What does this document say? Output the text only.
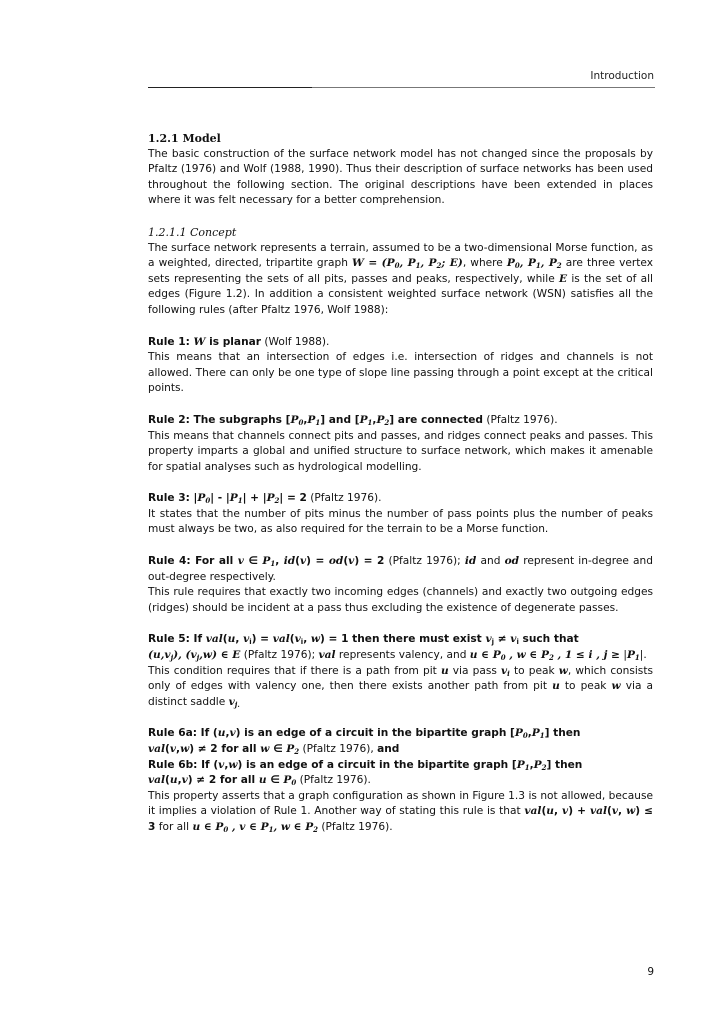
Introduction

1.2.1 Model

The basic construction of the surface network model has not changed since the proposals by Pfaltz (1976) and Wolf (1988, 1990). Thus their description of surface networks has been used throughout the following section. The original descriptions have been extended in places where it was felt necessary for a better comprehension.

1.2.1.1 Concept

The surface network represents a terrain, assumed to be a two-dimensional Morse function, as a weighted, directed, tripartite graph $W = (P_0$, $P_1$, $P_2$; E), where $P_0$, $P_1$, $P_2$ are three vertex sets representing the sets of all pits, passes and peaks, respectively, while E is the set of all edges (Figure 1.2). In addition a consistent weighted surface network (WSN) satisfies all the following rules (after Pfaltz 1976, Wolf 1988):

Rule 1: W is planar (Wolf 1988).

This means that an intersection of edges i.e. intersection of ridges and channels is not allowed. There can only be one type of slope line passing through a point except at the critical points.

Rule 2: The subgraphs $[P_0,P_1]$ and $[P_1,P_2]$ are connected (Pfaltz 1976).

This means that channels connect pits and passes, and ridges connect peaks and passes. This property imparts a global and unified structure to surface network, which makes it amenable for spatial analyses such as hydrological modelling.

Rule 3: $|P_0| - |P_1| + |P_2| = 2$ (Pfaltz 1976).

It states that the number of pits minus the number of pass points plus the number of peaks must always be two, as also required for the terrain to be a Morse function.

Rule 4: For all v ∈ $P_1$, id(v) = od(v) = 2 (Pfaltz 1976); id and od represent in-degree and out-degree respectively.

This rule requires that exactly two incoming edges (channels) and exactly two outgoing edges (ridges) should be incident at a pass thus excluding the existence of degenerate passes.

Rule 5: If val(u, $v_i) = val(v_i$, w) = 1 then there must exist $v_j \ne v_i$ such that

$(u,v_j)$, $(v_j,w)$ ∈ E (Pfaltz 1976); val represents valency, and u ∈ $P_0$ , w ∈ $P_2$ , 1 ≤ i , $j \ge |P_1|$.

This condition requires that if there is a path from pit u via pass $v_i$ to peak w, which consists only of edges with valency one, then there exists another path from pit u to peak w via a distinct saddle $v_{j.}$

Rule 6a: If (u,v) is an edge of a circuit in the bipartite graph $[P_0,P_1]$ then

val(v,w) ≠ 2 for all w ∈ $P_2$ (Pfaltz 1976), and

Rule 6b: If (v,w) is an edge of a circuit in the bipartite graph $[P_1,P_2]$ then

val(u,v) ≠ 2 for all u ∈ $P_0$ (Pfaltz 1976).

This property asserts that a graph configuration as shown in Figure 1.3 is not allowed, because it implies a violation of Rule 1. Another way of stating this rule is that val(u, v) + val(v, w) ≤ 3 for all u ∈ $P_0$ , v ∈ $P_1$, w ∈ $P_2$ (Pfaltz 1976).

9
